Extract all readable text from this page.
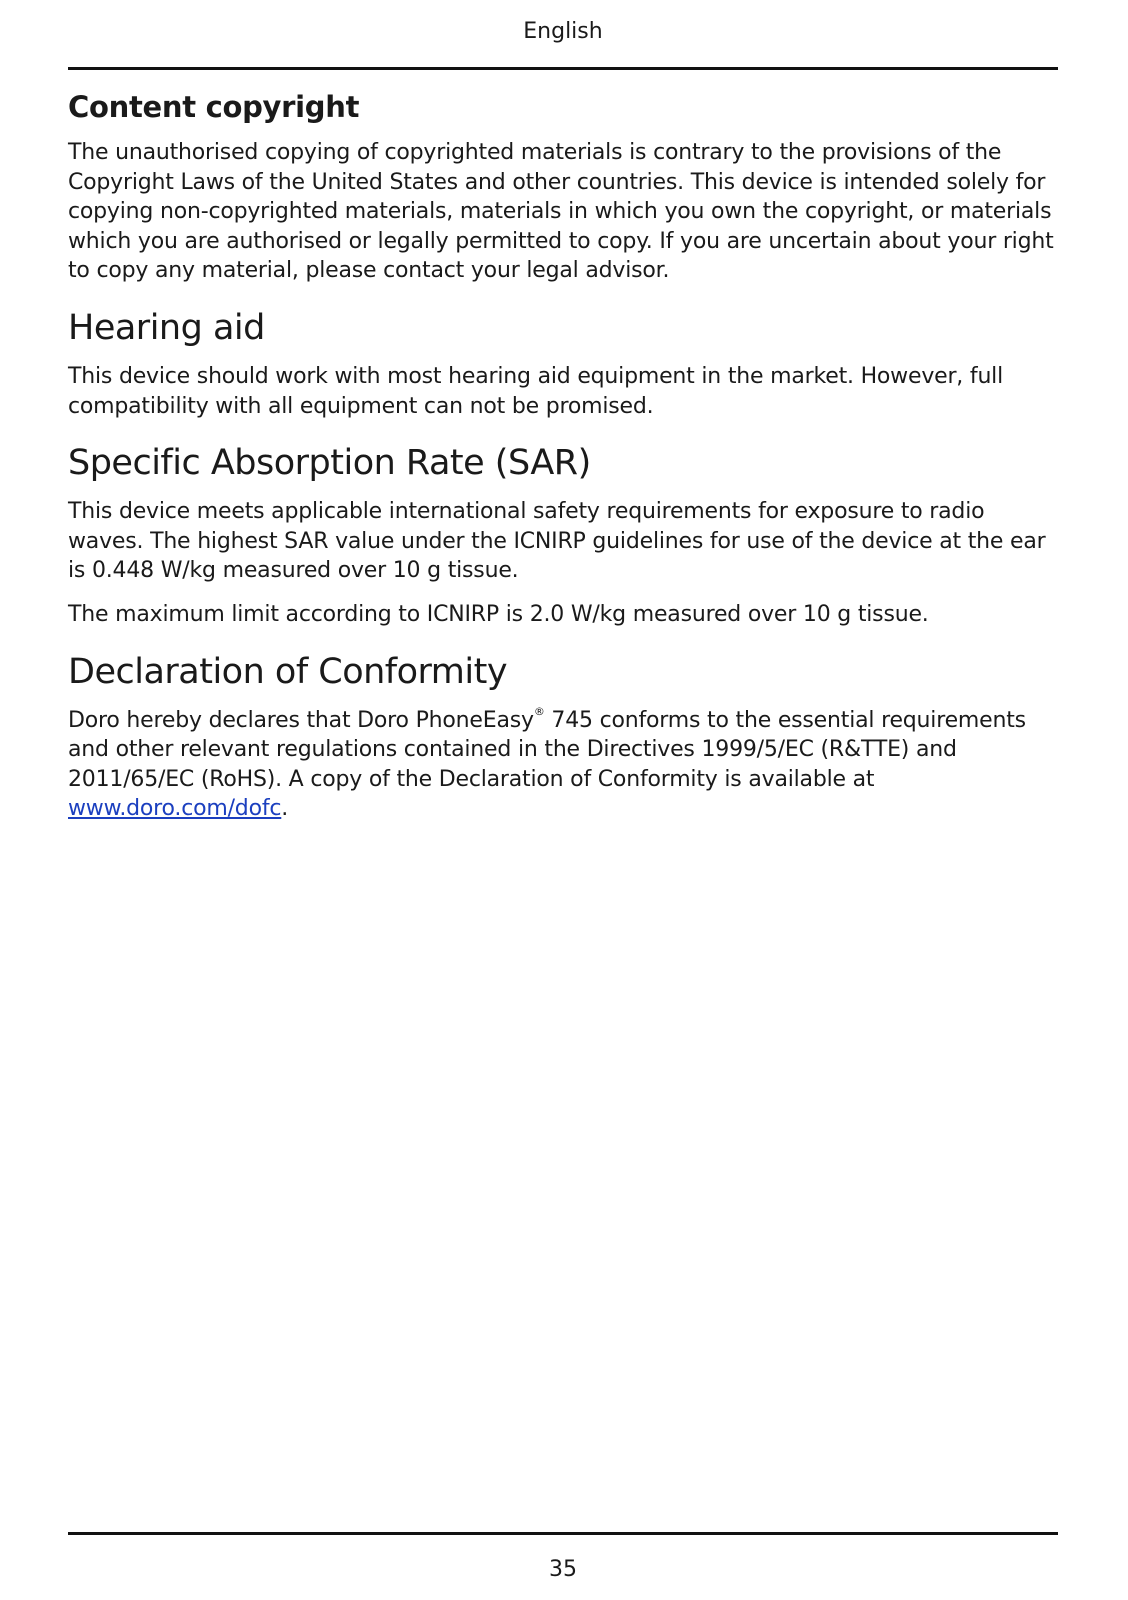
English
Content copyright

The unauthorised copying of copyrighted materials is contrary to the provisions of the Copyright Laws of the United States and other countries. This device is intended solely for copying non-copyrighted materials, materials in which you own the copyright, or materials which you are authorised or legally permitted to copy. If you are uncertain about your right to copy any material, please contact your legal advisor.

Hearing aid

This device should work with most hearing aid equipment in the market. However, full compatibility with all equipment can not be promised.

Specific Absorption Rate (SAR)

This device meets applicable international safety requirements for exposure to radio waves. The highest SAR value under the ICNIRP guidelines for use of the device at the ear is 0.448 W/kg measured over 10 g tissue.

The maximum limit according to ICNIRP is 2.0 W/kg measured over 10 g tissue.

Declaration of Conformity

Doro hereby declares that Doro PhoneEasy® 745 conforms to the essential requirements and other relevant regulations contained in the Directives 1999/5/EC (R&TTE) and 2011/65/EC (RoHS). A copy of the Declaration of Conformity is available at www.doro.com/dofc.

35
